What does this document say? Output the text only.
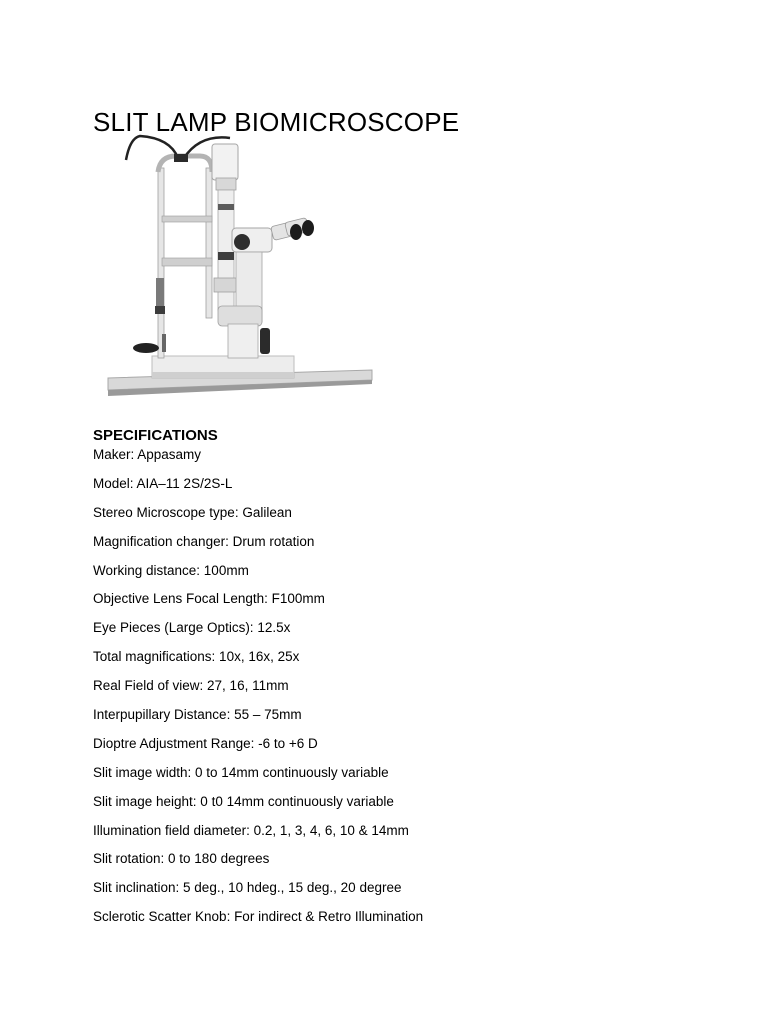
SLIT LAMP BIOMICROSCOPE
SPECIFICATIONS
Maker: Appasamy
Model: AIA–11 2S/2S-L
Stereo Microscope type: Galilean
Magnification changer: Drum rotation
Working distance: 100mm
Objective Lens Focal Length: F100mm
Eye Pieces (Large Optics): 12.5x
Total magnifications: 10x, 16x, 25x
Real Field of view: 27, 16, 11mm
Interpupillary Distance: 55 – 75mm
Dioptre Adjustment Range: -6 to +6 D
Slit image width: 0 to 14mm continuously variable
Slit image height: 0 t0 14mm continuously variable
Illumination field diameter: 0.2, 1, 3, 4, 6, 10 & 14mm
Slit rotation: 0 to 180 degrees
Slit inclination: 5 deg., 10 hdeg., 15 deg., 20 degree
Sclerotic Scatter Knob: For indirect & Retro Illumination
